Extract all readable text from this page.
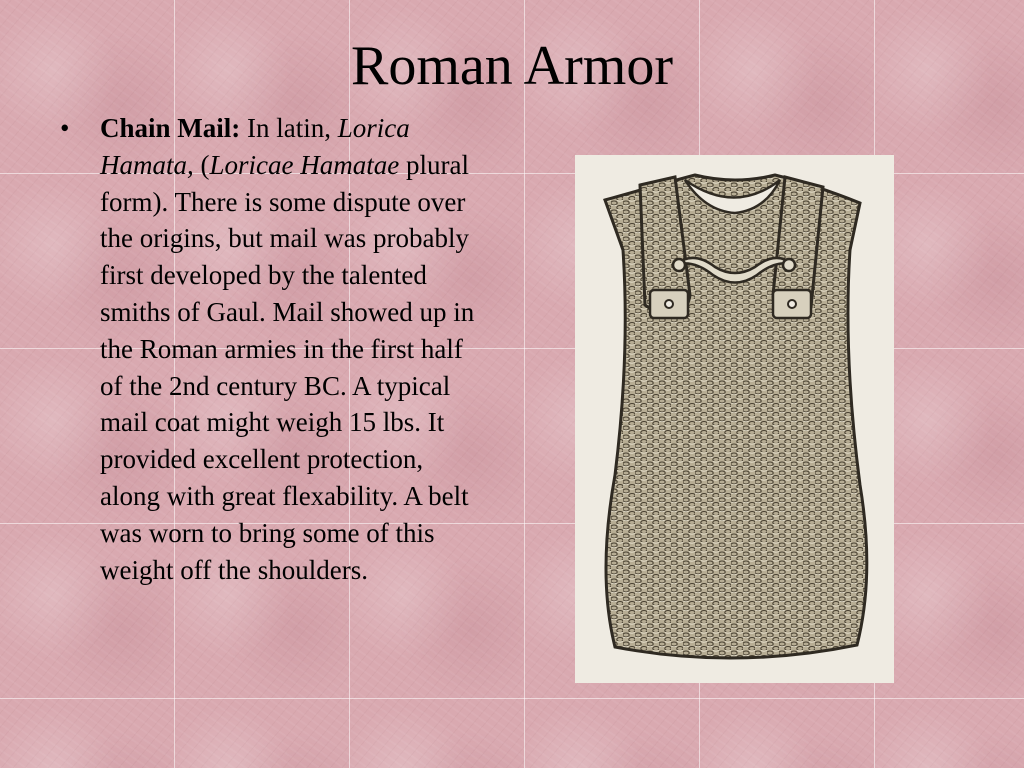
Roman Armor

• Chain Mail: In latin, Lorica Hamata, (Loricae Hamatae plural form). There is some dispute over the origins, but mail was probably first developed by the talented smiths of Gaul. Mail showed up in the Roman armies in the first half of the 2nd century BC. A typical mail coat might weigh 15 lbs. It provided excellent protection, along with great flexability. A belt was worn to bring some of this weight off the shoulders.
